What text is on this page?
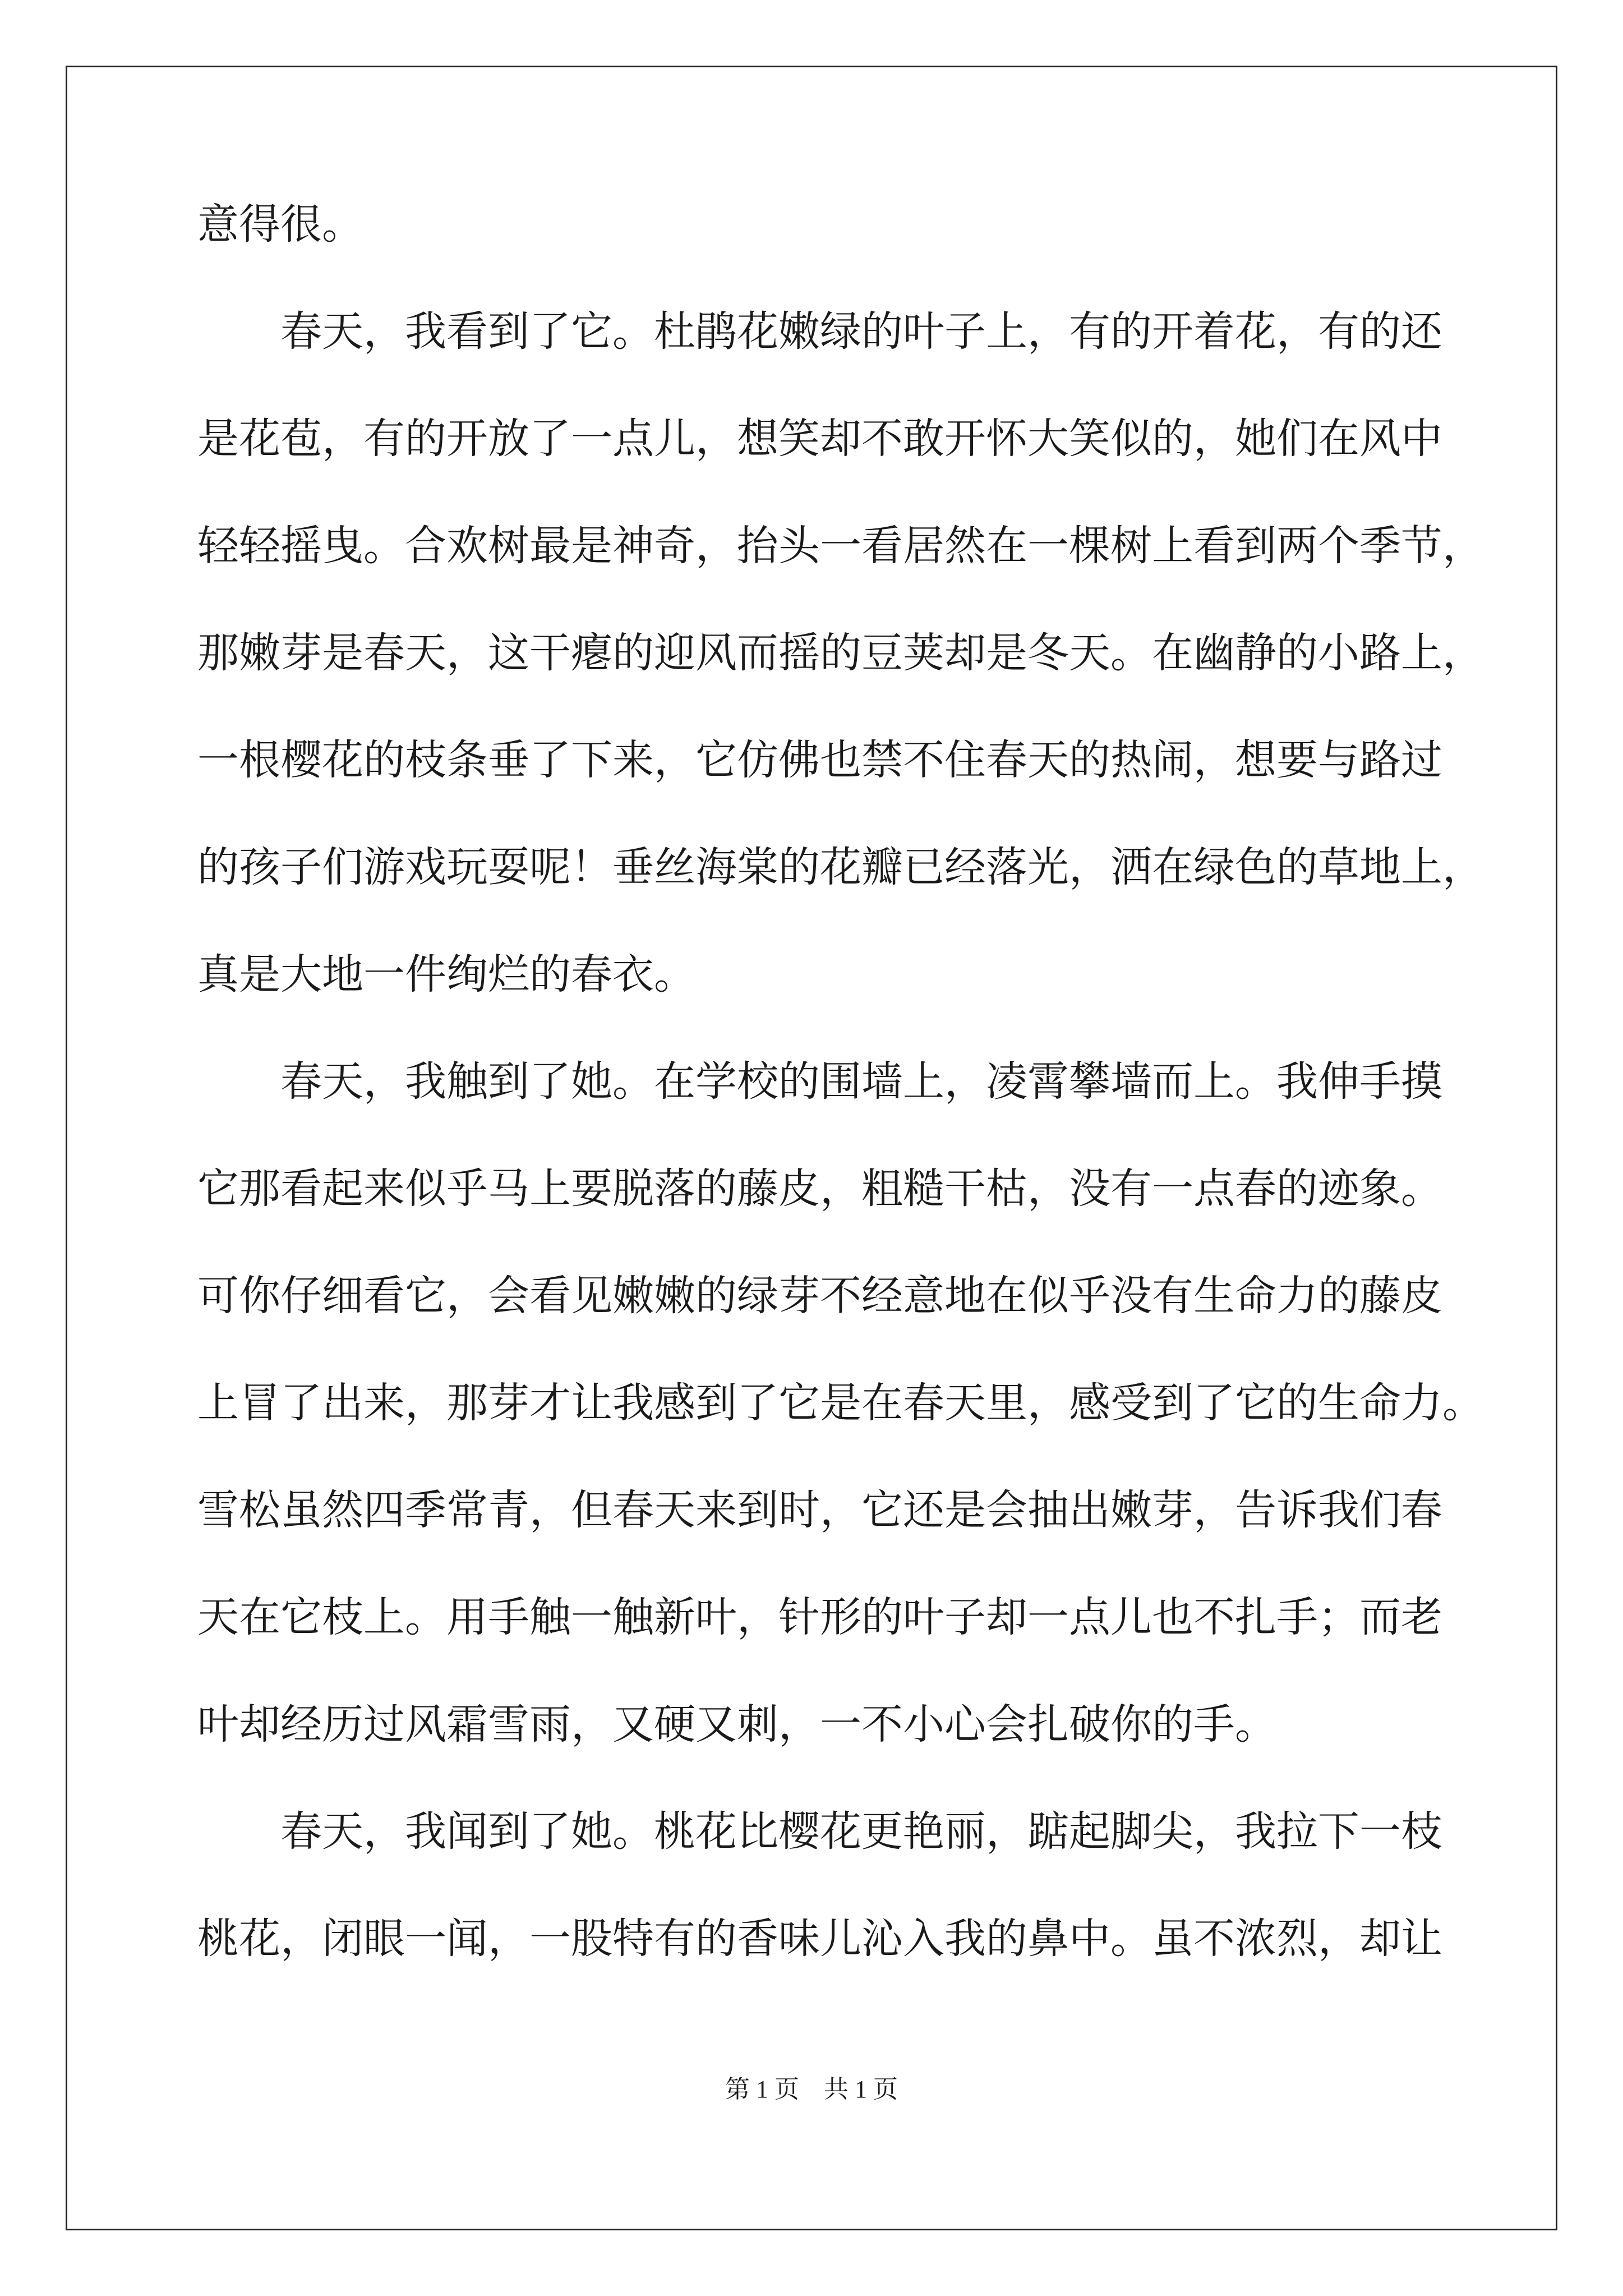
意得很。
春天，我看到了它。杜鹃花嫩绿的叶子上，有的开着花，有的还
是花苞，有的开放了一点儿，想笑却不敢开怀大笑似的，她们在风中
轻轻摇曳。合欢树最是神奇，抬头一看居然在一棵树上看到两个季节，
那嫩芽是春天，这干瘪的迎风而摇的豆荚却是冬天。在幽静的小路上，
一根樱花的枝条垂了下来，它仿佛也禁不住春天的热闹，想要与路过
的孩子们游戏玩耍呢！垂丝海棠的花瓣已经落光，洒在绿色的草地上，
真是大地一件绚烂的春衣。
春天，我触到了她。在学校的围墙上，凌霄攀墙而上。我伸手摸
它那看起来似乎马上要脱落的藤皮，粗糙干枯，没有一点春的迹象。
可你仔细看它，会看见嫩嫩的绿芽不经意地在似乎没有生命力的藤皮
上冒了出来，那芽才让我感到了它是在春天里，感受到了它的生命力。
雪松虽然四季常青，但春天来到时，它还是会抽出嫩芽，告诉我们春
天在它枝上。用手触一触新叶，针形的叶子却一点儿也不扎手；而老
叶却经历过风霜雪雨，又硬又刺，一不小心会扎破你的手。
春天，我闻到了她。桃花比樱花更艳丽，踮起脚尖，我拉下一枝
桃花，闭眼一闻，一股特有的香味儿沁入我的鼻中。虽不浓烈，却让
第 1 页 共 1 页
